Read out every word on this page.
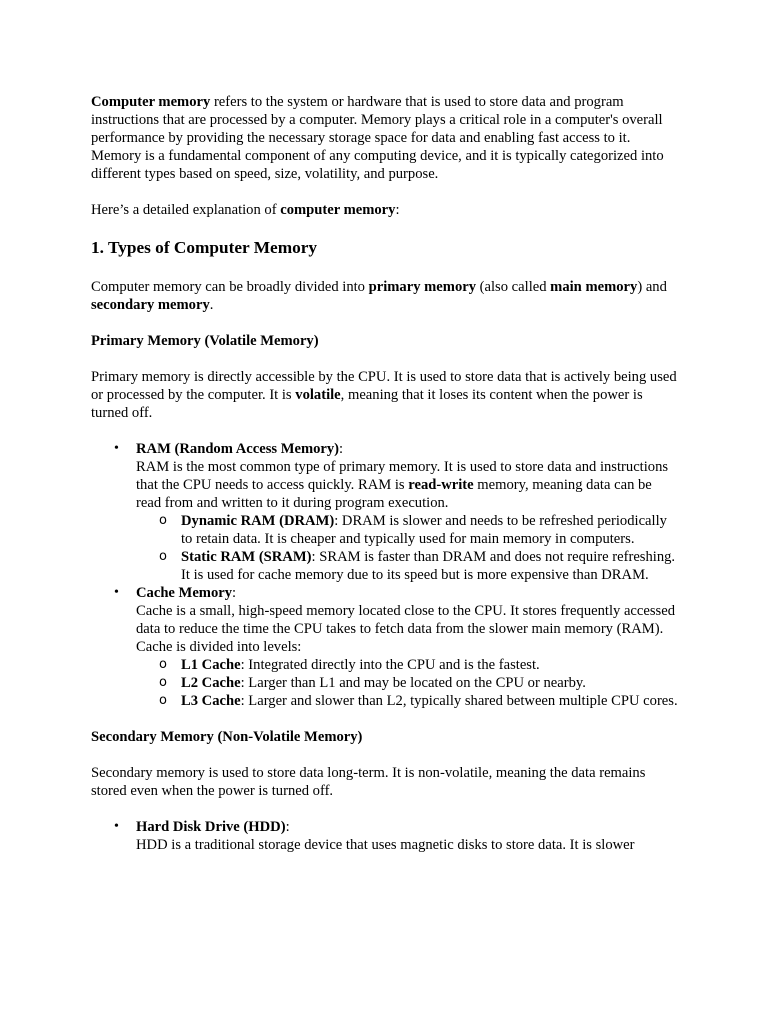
Computer memory refers to the system or hardware that is used to store data and program instructions that are processed by a computer. Memory plays a critical role in a computer's overall performance by providing the necessary storage space for data and enabling fast access to it. Memory is a fundamental component of any computing device, and it is typically categorized into different types based on speed, size, volatility, and purpose.

Here’s a detailed explanation of computer memory:

1. Types of Computer Memory

Computer memory can be broadly divided into primary memory (also called main memory) and secondary memory.

Primary Memory (Volatile Memory)

Primary memory is directly accessible by the CPU. It is used to store data that is actively being used or processed by the computer. It is volatile, meaning that it loses its content when the power is turned off.

• RAM (Random Access Memory):
RAM is the most common type of primary memory. It is used to store data and instructions that the CPU needs to access quickly. RAM is read-write memory, meaning data can be read from and written to it during program execution.
o Dynamic RAM (DRAM): DRAM is slower and needs to be refreshed periodically to retain data. It is cheaper and typically used for main memory in computers.
o Static RAM (SRAM): SRAM is faster than DRAM and does not require refreshing. It is used for cache memory due to its speed but is more expensive than DRAM.
• Cache Memory:
Cache is a small, high-speed memory located close to the CPU. It stores frequently accessed data to reduce the time the CPU takes to fetch data from the slower main memory (RAM). Cache is divided into levels:
o L1 Cache: Integrated directly into the CPU and is the fastest.
o L2 Cache: Larger than L1 and may be located on the CPU or nearby.
o L3 Cache: Larger and slower than L2, typically shared between multiple CPU cores.
Secondary Memory (Non-Volatile Memory)

Secondary memory is used to store data long-term. It is non-volatile, meaning the data remains stored even when the power is turned off.

• Hard Disk Drive (HDD):
HDD is a traditional storage device that uses magnetic disks to store data. It is slower
